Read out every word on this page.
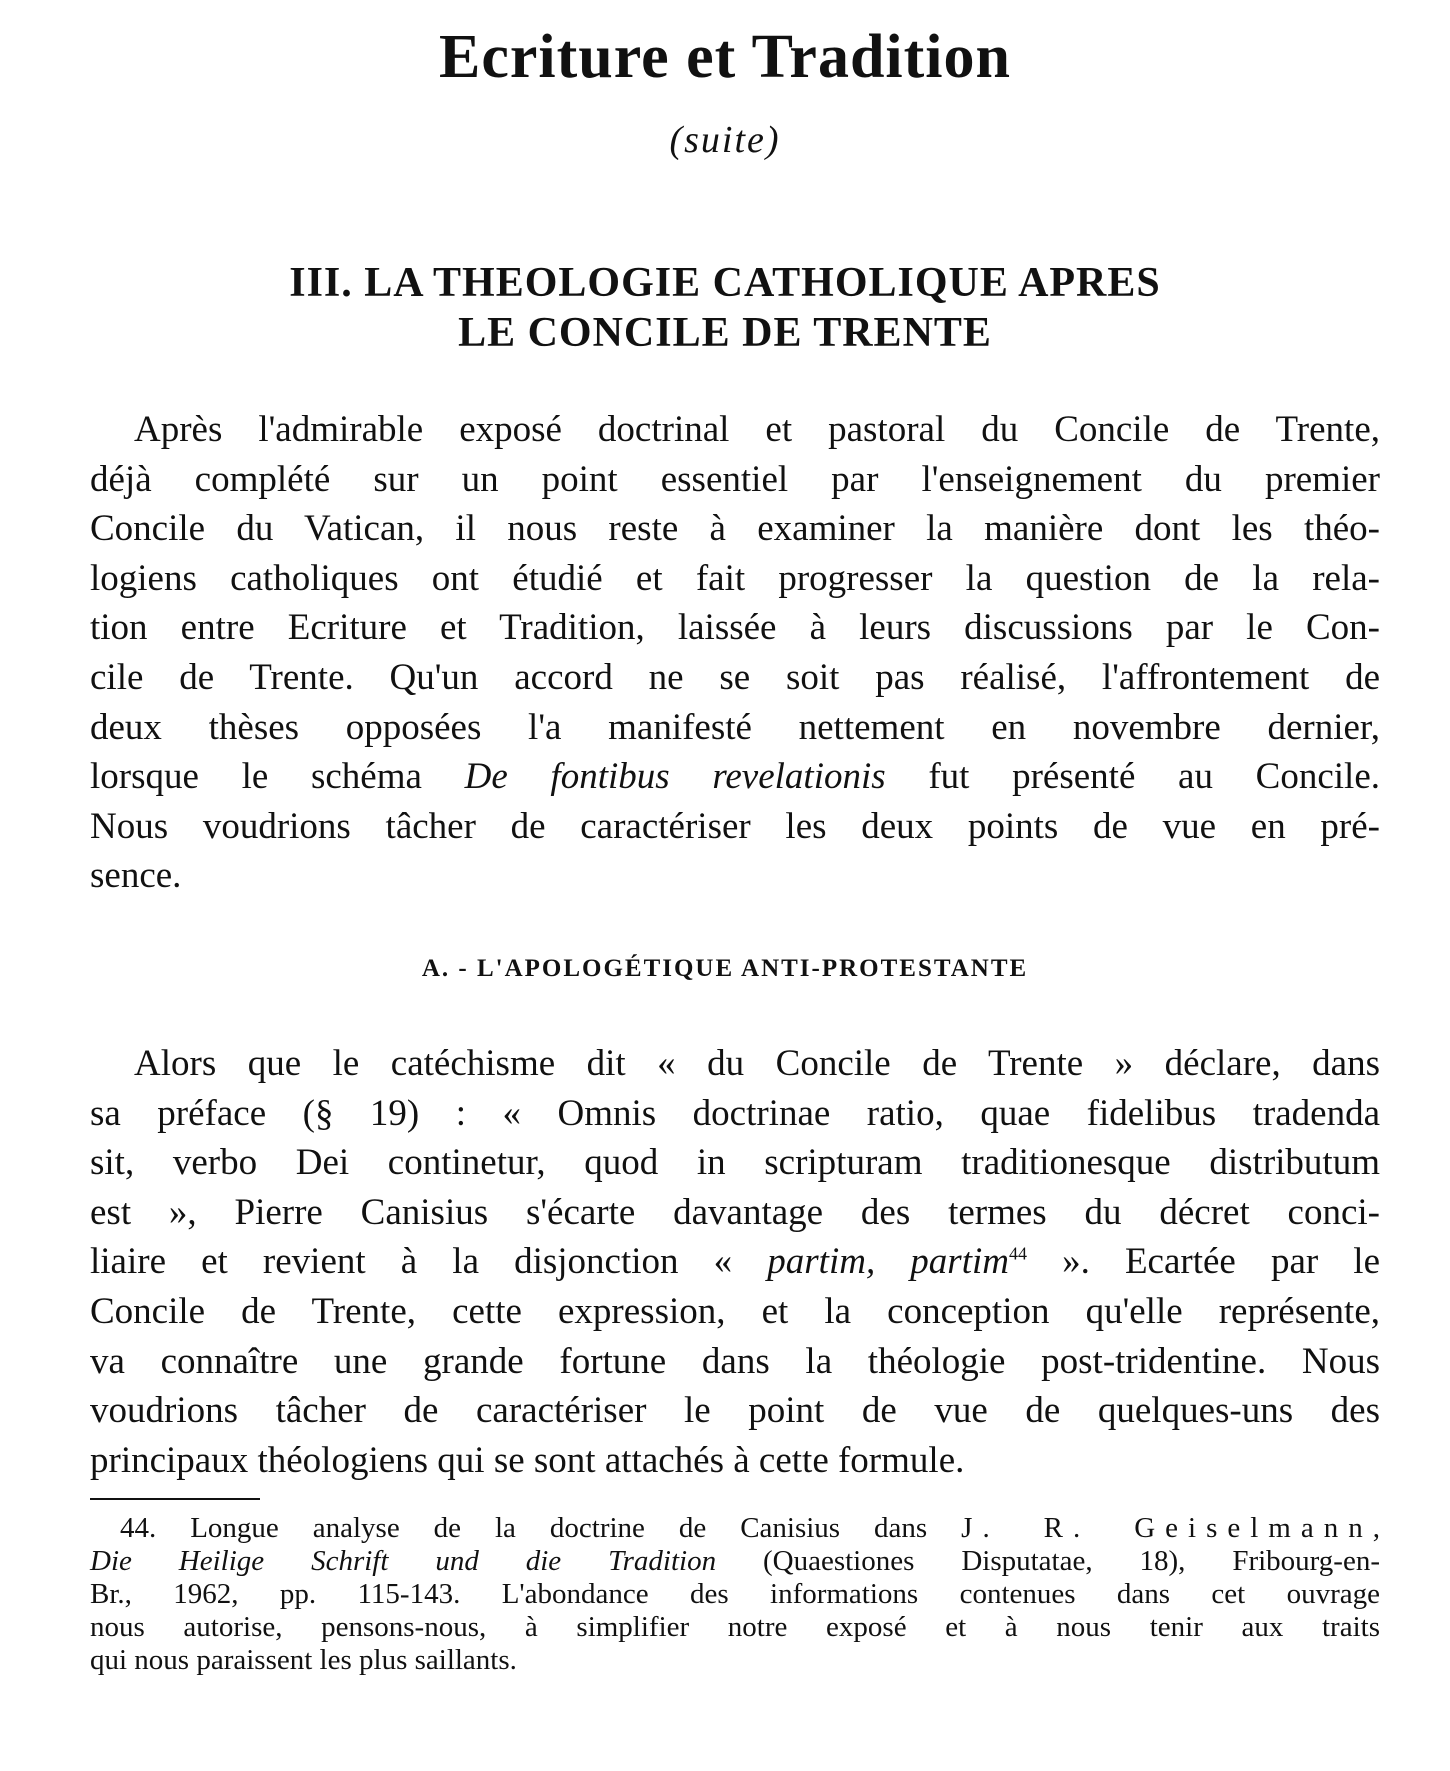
Ecriture et Tradition

(suite)

III. LA THEOLOGIE CATHOLIQUE APRES
LE CONCILE DE TRENTE
Après l'admirable exposé doctrinal et pastoral du Concile de Trente,
déjà complété sur un point essentiel par l'enseignement du premier
Concile du Vatican, il nous reste à examiner la manière dont les théo-
logiens catholiques ont étudié et fait progresser la question de la rela-
tion entre Ecriture et Tradition, laissée à leurs discussions par le Con-
cile de Trente. Qu'un accord ne se soit pas réalisé, l'affrontement de
deux thèses opposées l'a manifesté nettement en novembre dernier,
lorsque le schéma De fontibus revelationis fut présenté au Concile.
Nous voudrions tâcher de caractériser les deux points de vue en pré-
sence.
A. - L'APOLOGÉTIQUE ANTI-PROTESTANTE
Alors que le catéchisme dit « du Concile de Trente » déclare, dans
sa préface (§ 19) : « Omnis doctrinae ratio, quae fidelibus tradenda
sit, verbo Dei continetur, quod in scripturam traditionesque distributum
est », Pierre Canisius s'écarte davantage des termes du décret conci-
liaire et revient à la disjonction « partim, partim$^{44}$ ». Ecartée par le
Concile de Trente, cette expression, et la conception qu'elle représente,
va connaître une grande fortune dans la théologie post-tridentine. Nous
voudrions tâcher de caractériser le point de vue de quelques-uns des
principaux théologiens qui se sont attachés à cette formule.
44. Longue analyse de la doctrine de Canisius dans J. R. Geiselmann,
Die Heilige Schrift und die Tradition (Quaestiones Disputatae, 18), Fribourg-en-
Br., 1962, pp. 115-143. L'abondance des informations contenues dans cet ouvrage
nous autorise, pensons-nous, à simplifier notre exposé et à nous tenir aux traits
qui nous paraissent les plus saillants.
